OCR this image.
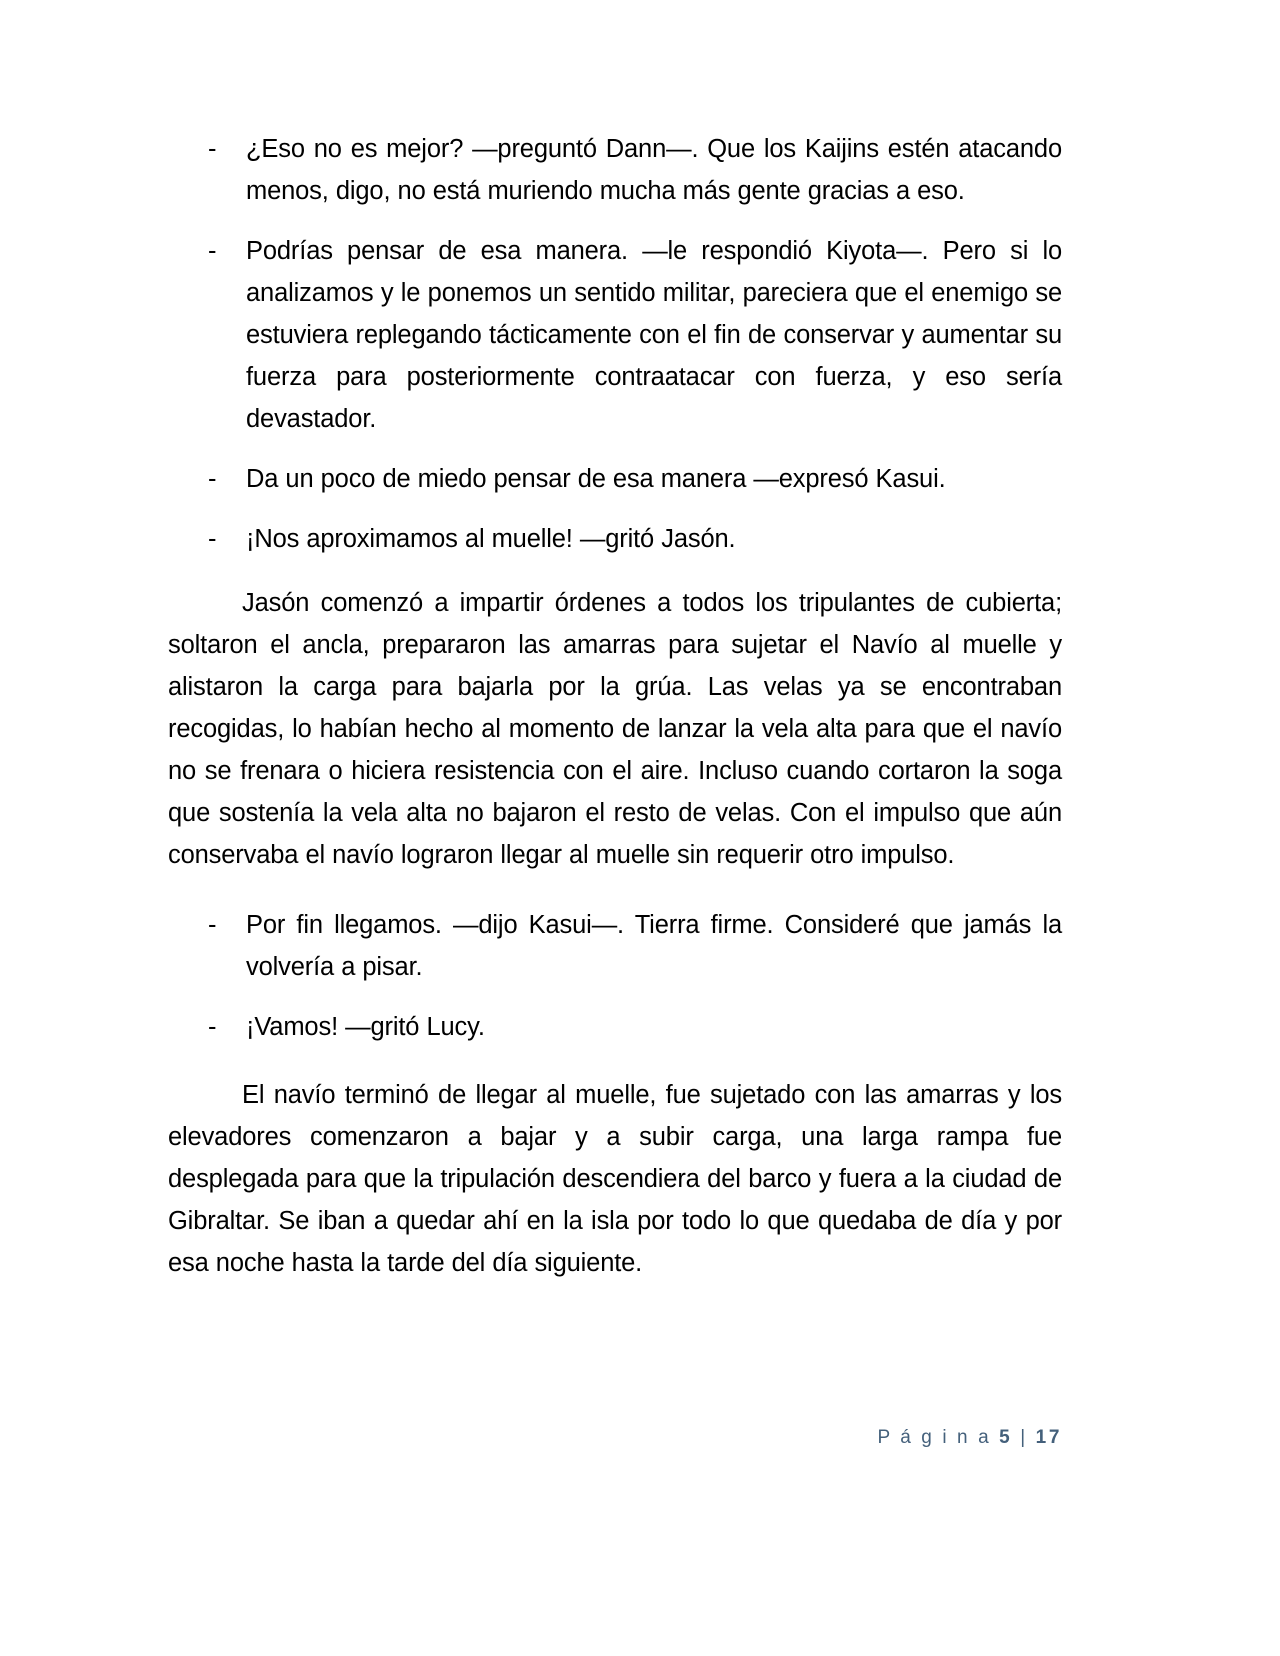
- ¿Eso no es mejor? —preguntó Dann—. Que los Kaijins estén atacando menos, digo, no está muriendo mucha más gente gracias a eso.
- Podrías pensar de esa manera. —le respondió Kiyota—. Pero si lo analizamos y le ponemos un sentido militar, pareciera que el enemigo se estuviera replegando tácticamente con el fin de conservar y aumentar su fuerza para posteriormente contraatacar con fuerza, y eso sería devastador.
- Da un poco de miedo pensar de esa manera —expresó Kasui.
- ¡Nos aproximamos al muelle! —gritó Jasón.

Jasón comenzó a impartir órdenes a todos los tripulantes de cubierta; soltaron el ancla, prepararon las amarras para sujetar el Navío al muelle y alistaron la carga para bajarla por la grúa. Las velas ya se encontraban recogidas, lo habían hecho al momento de lanzar la vela alta para que el navío no se frenara o hiciera resistencia con el aire. Incluso cuando cortaron la soga que sostenía la vela alta no bajaron el resto de velas. Con el impulso que aún conservaba el navío lograron llegar al muelle sin requerir otro impulso.

- Por fin llegamos. —dijo Kasui—. Tierra firme. Consideré que jamás la volvería a pisar.
- ¡Vamos! —gritó Lucy.

El navío terminó de llegar al muelle, fue sujetado con las amarras y los elevadores comenzaron a bajar y a subir carga, una larga rampa fue desplegada para que la tripulación descendiera del barco y fuera a la ciudad de Gibraltar. Se iban a quedar ahí en la isla por todo lo que quedaba de día y por esa noche hasta la tarde del día siguiente.

P á g i n a 5 | 17
